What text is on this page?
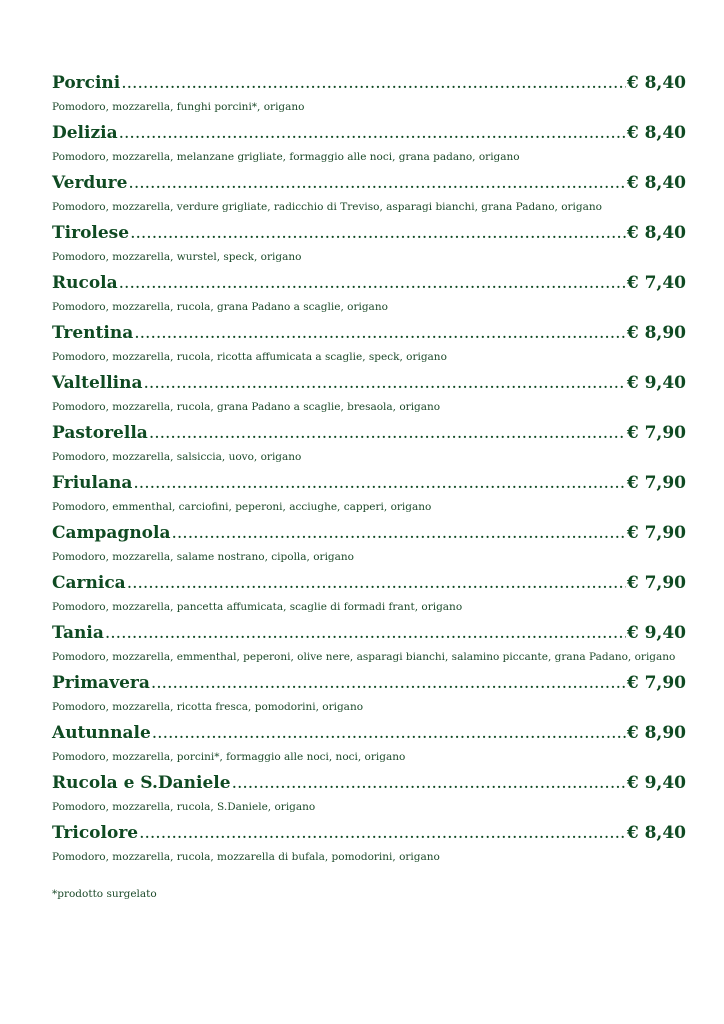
Porcini .....	€ 8,40
Pomodoro, mozzarella, funghi porcini*, origano
Delizia .....	€ 8,40
Pomodoro, mozzarella, melanzane grigliate, formaggio alle noci, grana padano, origano
Verdure .....	€ 8,40
Pomodoro, mozzarella, verdure grigliate, radicchio di Treviso, asparagi bianchi, grana Padano, origano
Tirolese .....	€ 8,40
Pomodoro, mozzarella, wurstel, speck, origano
Rucola .....	€ 7,40
Pomodoro, mozzarella, rucola, grana Padano a scaglie, origano
Trentina .....	€ 8,90
Pomodoro, mozzarella, rucola, ricotta affumicata a scaglie, speck, origano
Valtellina .....	€ 9,40
Pomodoro, mozzarella, rucola, grana Padano a scaglie, bresaola, origano
Pastorella .....	€ 7,90
Pomodoro, mozzarella, salsiccia, uovo, origano
Friulana .....	€ 7,90
Pomodoro, emmenthal, carciofini, peperoni, acciughe, capperi, origano
Campagnola .....	€ 7,90
Pomodoro, mozzarella, salame nostrano, cipolla, origano
Carnica .....	€ 7,90
Pomodoro, mozzarella, pancetta affumicata, scaglie di formadi frant, origano
Tania .....	€ 9,40
Pomodoro, mozzarella, emmenthal, peperoni, olive nere, asparagi bianchi, salamino piccante, grana Padano, origano
Primavera .....	€ 7,90
Pomodoro, mozzarella, ricotta fresca, pomodorini, origano
Autunnale .....	€ 8,90
Pomodoro, mozzarella, porcini*, formaggio alle noci, noci, origano
Rucola e S.Daniele .....	€ 9,40
Pomodoro, mozzarella, rucola, S.Daniele, origano
Tricolore .....	€ 8,40
Pomodoro, mozzarella, rucola, mozzarella di bufala, pomodorini, origano
*prodotto surgelato
